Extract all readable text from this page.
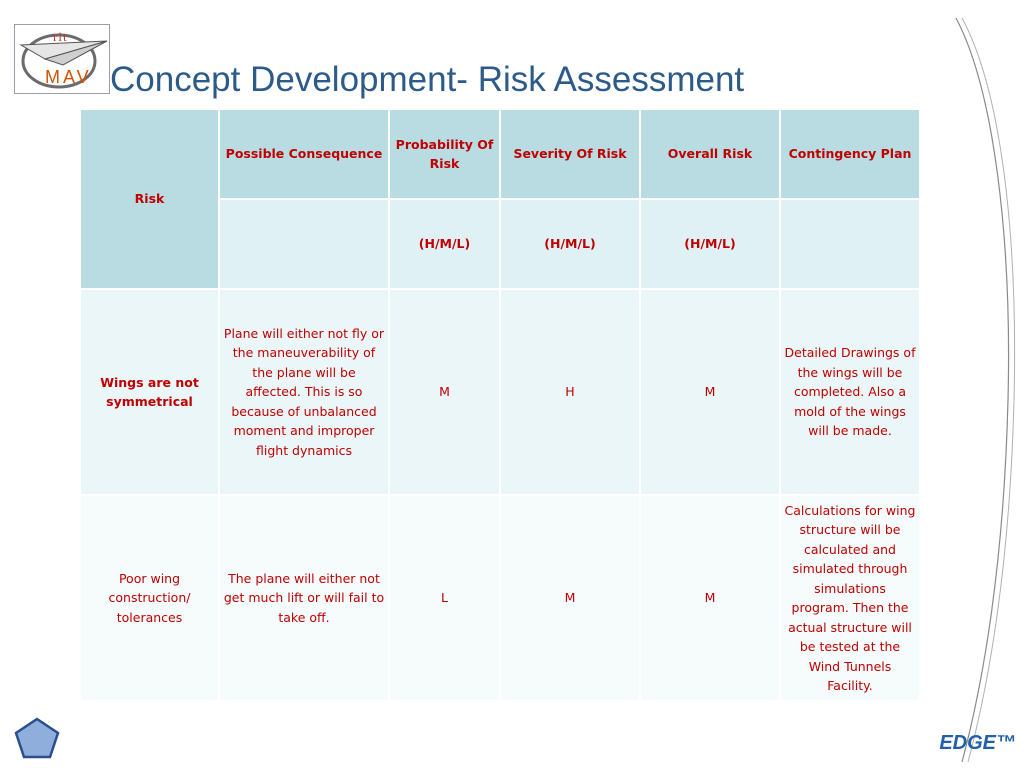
rit
MAV Concept Development- Risk Assessment
Risk	Possible Consequence	Probability Of Risk	Severity Of Risk	Overall Risk	Contingency Plan
		(H/M/L)	(H/M/L)	(H/M/L)	
Wings are not symmetrical	Plane will either not fly or the maneuverability of the plane will be affected. This is so because of unbalanced moment and improper flight dynamics	M	H	M	Detailed Drawings of the wings will be completed. Also a mold of the wings will be made.
Poor wing construction/ tolerances	The plane will either not get much lift or will fail to take off.	L	M	M	Calculations for wing structure will be calculated and simulated through simulations program. Then the actual structure will be tested at the Wind Tunnels Facility.
EDGE™
